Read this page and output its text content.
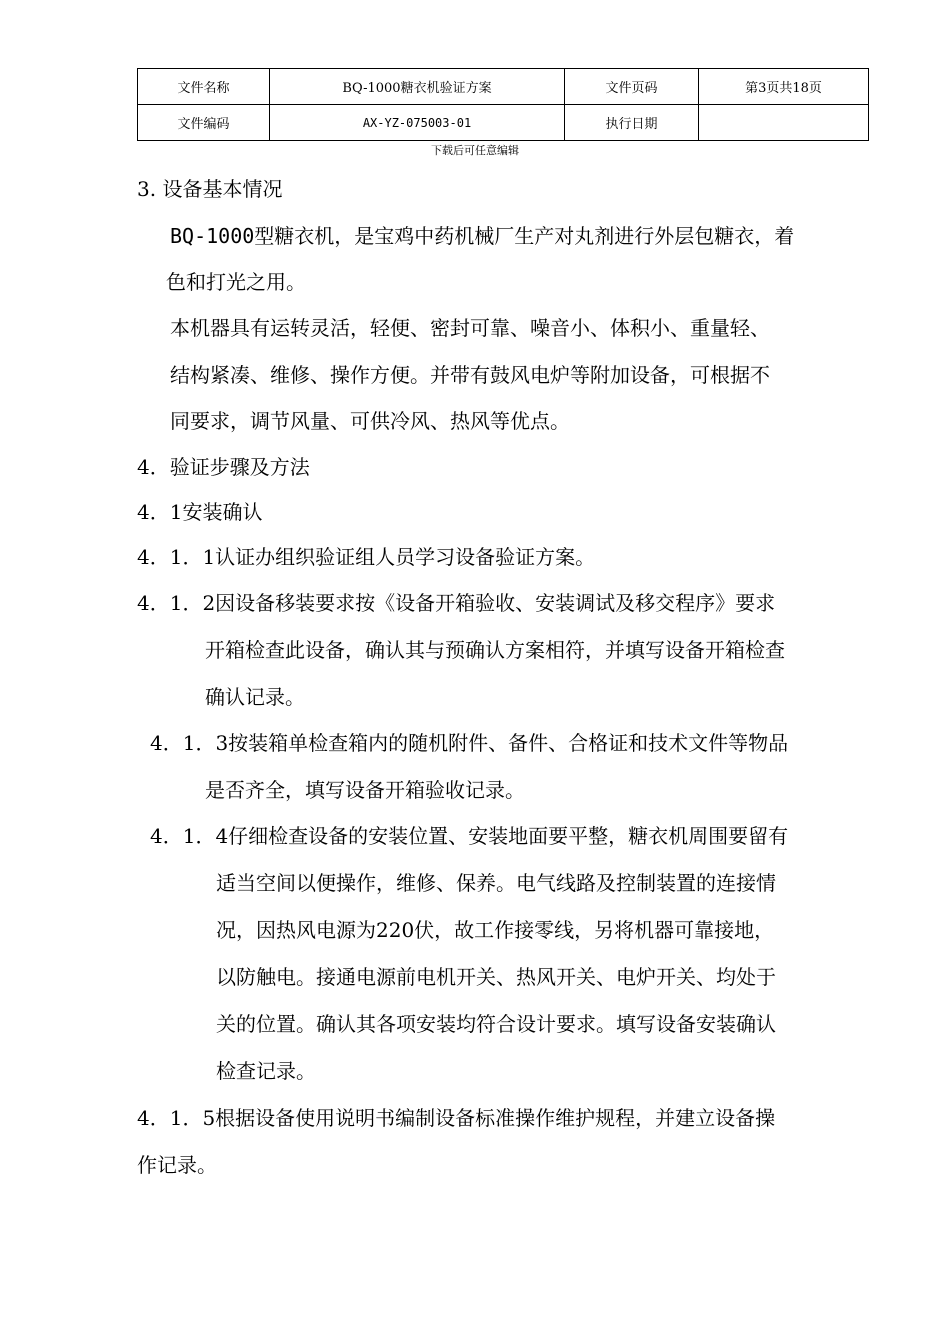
文件名称	BQ-1000糖衣机验证方案	文件页码	第3页共18页
文件编码	AX-YZ-075003-01	执行日期	
下载后可任意编辑
3. 设备基本情况
BQ-1000型糖衣机，是宝鸡中药机械厂生产对丸剂进行外层包糖衣，着
色和打光之用。
本机器具有运转灵活，轻便、密封可靠、噪音小、体积小、重量轻、
结构紧凑、维修、操作方便。并带有鼓风电炉等附加设备，可根据不
同要求，调节风量、可供冷风、热风等优点。
4．验证步骤及方法
4．1安装确认
4．1．1认证办组织验证组人员学习设备验证方案。
4．1．2因设备移装要求按《设备开箱验收、安装调试及移交程序》要求
开箱检查此设备，确认其与预确认方案相符，并填写设备开箱检查
确认记录。
4．1．3按装箱单检查箱内的随机附件、备件、合格证和技术文件等物品
是否齐全，填写设备开箱验收记录。
4．1．4仔细检查设备的安装位置、安装地面要平整，糖衣机周围要留有
适当空间以便操作，维修、保养。电气线路及控制装置的连接情
况，因热风电源为220伏，故工作接零线，另将机器可靠接地，
以防触电。接通电源前电机开关、热风开关、电炉开关、均处于
关的位置。确认其各项安装均符合设计要求。填写设备安装确认
检查记录。
4．1．5根据设备使用说明书编制设备标准操作维护规程，并建立设备操
作记录。
